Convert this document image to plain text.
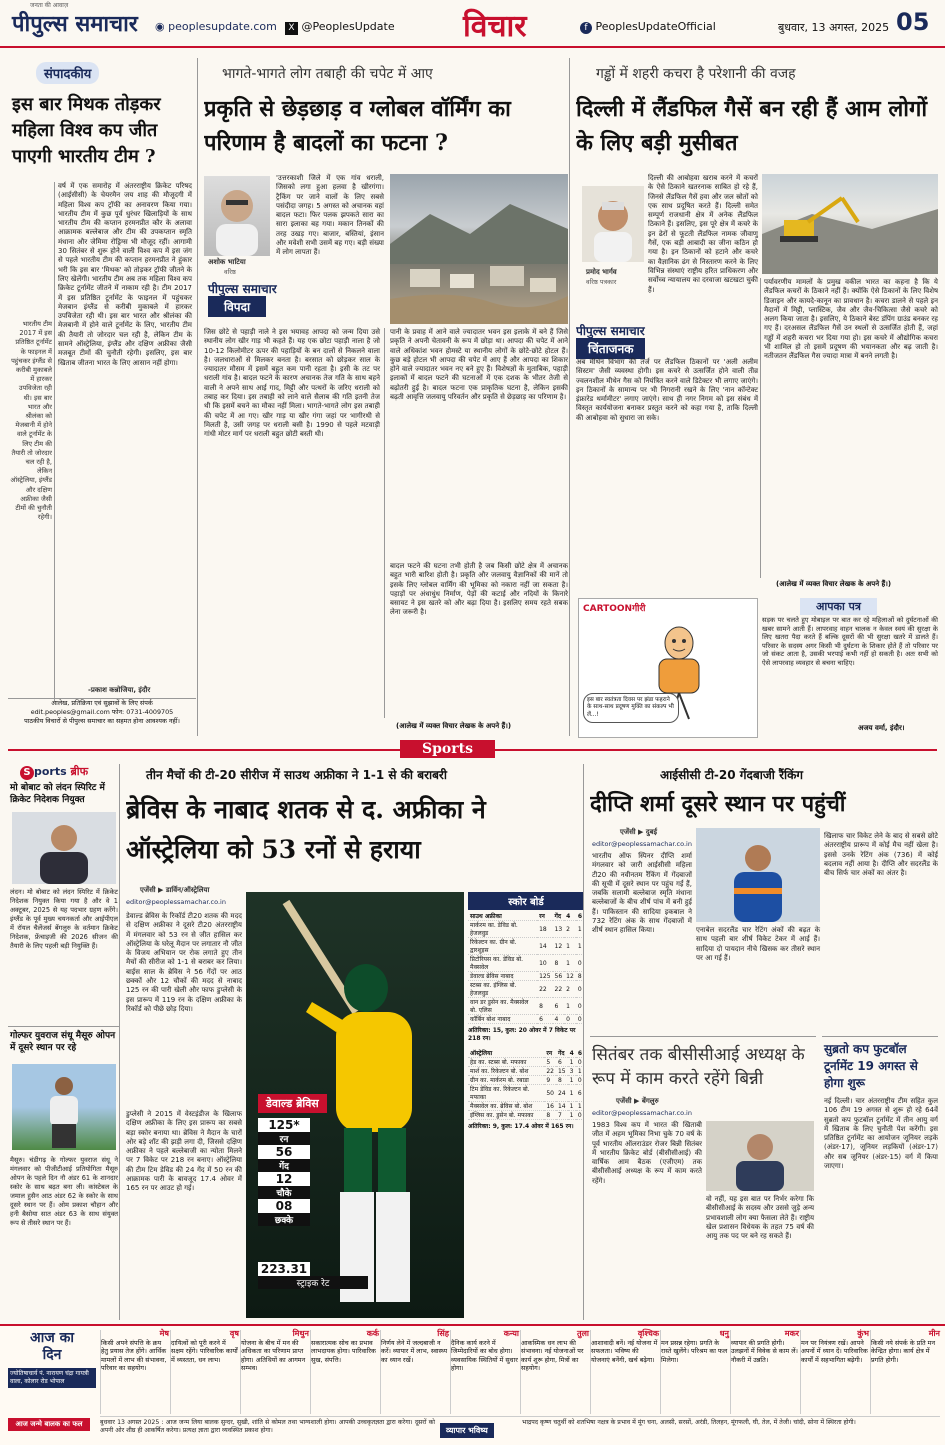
पीपुल्स समाचार
जनता की आवाज़
◉ peoplesupdate.com	X @PeoplesUpdate विचार	f PeoplesUpdateOfficial	बुधवार, 13 अगस्त, 2025 05
संपादकीय
इस बार मिथक तोड़कर महिला विश्व कप जीत पाएगी भारतीय टीम ?
भारतीय टीम 2017 में इस प्रतिष्ठित टूर्नामेंट के फाइनल में पहुंचकर इंग्लैंड से करीबी मुकाबले में हारकर उपविजेता रही थी। इस बार भारत और श्रीलंका को मेजबानी में होने वाले टूर्नामेंट के लिए टीम की तैयारी तो जोरदार चल रही है, लेकिन ऑस्ट्रेलिया, इंग्लैंड और दक्षिण अफ्रीका जैसी टीमों की चुनौती रहेगी।
वर्ष में एक समारोह में अंतरराष्ट्रीय क्रिकेट परिषद (आईसीसी) के चेयरमैन जय शाह की मौजूदगी में महिला विश्व कप ट्रॉफी का अनावरण किया गया। भारतीय टीम में कुछ पूर्व धुरंधर खिलाड़ियों के साथ भारतीय टीम की कप्तान हरमनप्रीत कौर के अलावा आक्रामक बल्लेबाज और टीम की उपकप्तान स्मृति मंधाना और जेमिमा रोड्रिग्स भी मौजूद रहीं। आगामी 30 सितंबर से शुरू होने वाली विश्व कप में इस जंग से पहले भारतीय टीम की कप्तान हरमनप्रीत ने हुंकार भरी कि इस बार 'मिथक' को तोड़कर ट्रॉफी जीतने के लिए खेलेंगी। भारतीय टीम अब तक महिला विश्व कप क्रिकेट टूर्नामेंट जीतने में नाकाम रही है। टीम 2017 में इस प्रतिष्ठित टूर्नामेंट के फाइनल में पहुंचकर मेजबान इंग्लैंड से करीबी मुकाबले में हारकर उपविजेता रही थी। इस बार भारत और श्रीलंका की मेजबानी में होने वाले टूर्नामेंट के लिए, भारतीय टीम की तैयारी तो जोरदार चल रही है, लेकिन टीम के सामने ऑस्ट्रेलिया, इंग्लैंड और दक्षिण अफ्रीका जैसी मजबूत टीमों की चुनौती रहेगी। इसलिए, इस बार खिताब जीतना भारत के लिए आसान नहीं होगा।
-प्रकाश कन्नोजिया, इंदौर
आलेख, प्रतिक्रिया एवं सुझावों के लिए संपर्क
edit.peoples@gmail.com फोन: 0731-4009705
पाठकीय विचारों से पीपुल्स समाचार का सहमत होना आवश्यक नहीं।
भागते-भागते लोग तबाही की चपेट में आए
प्रकृति से छेड़छाड़ व ग्लोबल वॉर्मिंग का परिणाम है बादलों का फटना ?
अशोक भाटिया
वरिष्ठ
पीपुल्स समाचार
विपदा
'उत्तरकाशी जिले में एक गांव धराली, जिसको लगा हुआ हलवा है खीरगंगा। ट्रैकिंग पर जाने वालों के लिए सबसे पसंदीदा जगह। 5 अगस्त को अचानक वहां बादल फटा। फिर पलक झपकते सारा का सारा इलाका बह गया। मकान तिनकों की तरह उखड़ गए। बाजार, बस्तियां, इंसान और मवेशी सभी उसमें बह गए। बड़ी संख्या में लोग लापता हैं।
जिस छोटे से पहाड़ी नाले ने इस भयावह आपदा को जन्म दिया उसे स्थानीय लोग खीर गाड़ भी कहते हैं। यह एक छोटा पहाड़ी नाला है जो 10-12 किलोमीटर ऊपर की पहाड़ियों के बन दालों से निकलने वाला है। जलधाराओं से मिलकर बनता है। बरसात को छोड़कर साल के ज्यादातर मौसम में इसमें बहुत कम पानी रहता है। इसी के तट पर धराली गांव है। बादल फटने के कारण अचानक तेज गति के साथ बहने वाली ने अपने साथ आई गाद, मिट्टी और पत्थरों के जरिए धराली को तबाह कर दिया। इस तबाही को लाने वाले सैलाब की गति इतनी तेज थी कि इसमें बचने का मौका नहीं मिला। भागते-भागते लोग इस तबाही की चपेट में आ गए। खीर गाड़ या खीर गंगा जहां पर भागीरथी से मिलती है, उसी जगह पर धराली बसी है। 1990 से पहले मटवाड़ी गांधी मोटर मार्ग पर धराली बहुत छोटी बस्ती थी।
पानी के प्रवाह में आने वाले ज्यादातर भवन इस इलाके में बने हैं जिसे प्रकृति ने अपनी चेतावनी के रूप में छोड़ा था। आपदा की चपेट में आने वाले अधिकांश भवन होमस्टे या स्थानीय लोगों के छोटे-छोटे होटल हैं। कुछ बड़े होटल भी आपदा की चपेट में आए हैं और आपदा का शिकार होने वाले ज्यादातर भवन नए बने हुए हैं। विशेषज्ञों के मुताबिक, पहाड़ी इलाकों में बादल फटने की घटनाओं में एक दशक के भीतर तेजी से बढ़ोतरी हुई है। बादल फटना एक प्राकृतिक घटना है, लेकिन इसकी बढ़ती आवृत्ति जलवायु परिवर्तन और प्रकृति से छेड़छाड़ का परिणाम है।
बादल फटने की घटना तभी होती है जब किसी छोटे क्षेत्र में अचानक बहुत भारी बारिश होती है। प्रकृति और जलवायु वैज्ञानिकों की मानें तो इसके लिए ग्लोबल वार्मिंग की भूमिका को नकारा नहीं जा सकता है। पहाड़ों पर अंधाधुंध निर्माण, पेड़ों की कटाई और नदियों के किनारे बसावट ने इस खतरे को और बढ़ा दिया है। इसलिए समय रहते सबक लेना जरूरी है।
(आलेख में व्यक्त विचार लेखक के अपने हैं।)
गड्ढों में शहरी कचरा है परेशानी की वजह
दिल्ली में लैंडफिल गैसें बन रही हैं आम लोगों के लिए बड़ी मुसीबत
प्रमोद भार्गव
वरिष्ठ पत्रकार
पीपुल्स समाचार
चिंताजनक
दिल्ली की आबोहवा खराब करने में कचरों के ऐसे ठिकाने खतरनाक साबित हो रहे हैं, जिनसे लैंडफिल गैसें हवा और जल स्रोतों को एक साथ प्रदूषित करते हैं। दिल्ली समेत सम्पूर्ण राजधानी क्षेत्र में अनेक लैंडफिल ठिकाने हैं। इसलिए, इस पूरे क्षेत्र में कचरे के इन ढेरों से फूटती लैंडफिल नामक जीवाणु गैसें, एक बड़ी आबादी का जीना कठिन हो गया है। इन ठिकानों को हटाने और कचरे का वैज्ञानिक ढंग से निस्तारण करने के लिए विभिन्न संस्थाएं राष्ट्रीय हरित प्राधिकरण और सर्वोच्च न्यायालय का दरवाजा खटखटा चुकी हैं।
अब मीथेन विभाग की तर्ज पर लैंडफिल ठिकानों पर 'अली अलीम सिस्टम' जैसी व्यवस्था होगी। इस कचरे से उत्सर्जित होने वाली तीव्र ज्वलनशील मीथेन गैस को नियंत्रित करने वाले डिटेक्टर भी लगाए जाएंगे। इन ठिकानों के सामान्य पर भी निगरानी रखने के लिए 'नान कॉन्टेक्ट इंफ्रारेड थर्मामीटर' लगाए जाएंगे। साथ ही नगर निगम को इस संबंध में विस्तृत कार्ययोजना बनाकर प्रस्तुत करने को कहा गया है, ताकि दिल्ली की आबोहवा को सुधारा जा सके।
पर्यावरणीय मामलों के प्रमुख वकील भारत का कहना है कि ये लैंडफिल कचरों के ठिकाने नहीं हैं। क्योंकि ऐसे ठिकानों के लिए विशेष डिजाइन और कायदे-कानून का प्रावधान है। कचरा डालने से पहले इन मैदानों में मिट्टी, प्लास्टिक, जैव और जैव-चिकित्सा जैसे कचरे को अलग किया जाता है। इसलिए, ये ठिकाने बेस्ट डंपिंग ग्राउंड बनकर रह गए हैं। दरअसल लैंडफिल गैसें उन स्थलों से उत्सर्जित होती हैं, जहां गड्ढों में शहरी कचरा भर दिया गया हो। इस कचरे में औद्योगिक कचरा भी शामिल हो तो इसमें प्रदूषण की भयानकता और बढ़ जाती है। नतीजतन लैंडफिल गैस ज्यादा मात्रा में बनने लगती है।
(आलेख में व्यक्त विचार लेखक के अपने हैं।)
CARTOONगीरी
इस बार स्वतंत्रता दिवस पर झंडा फहराने के साथ-साथ प्रदूषण मुक्ति का संकल्प भी लें...!
आपका पत्र
सड़क पर चलते हुए मोबाइल पर बात कर रहे महिलाओं को दुर्घटनाओं की खबर सामने आती हैं। लापरवाह वाहन चालक न केवल स्वयं की सुरक्षा के लिए खतरा पैदा करते हैं बल्कि दूसरों की भी सुरक्षा खतरे में डालते हैं। परिवार के सदस्य अगर किसी भी दुर्घटना के शिकार होते हैं तो परिवार पर जो संकट आता है, उसकी भरपाई कभी नहीं हो सकती है। अतः सभी को ऐसे लापरवाह व्यवहार से बचना चाहिए।
अजय वर्मा, इंदौर।
Sports
S ports ब्रीफ
मो बोबाट को लंदन स्पिरिट में क्रिकेट निदेशक नियुक्त
लंदन। मो बोबाट को लंदन स्पिरिट में क्रिकेट निदेशक नियुक्त किया गया है और वे 1 अक्टूबर, 2025 से यह पदभार ग्रहण करेंगे। इंग्लैंड के पूर्व मुख्य चयनकर्ता और आईपीएल में रॉयल चैलेंजर्स बेंगलुरु के वर्तमान क्रिकेट निदेशक, फ्रेंचाइजी की 2026 सीजन की तैयारी के लिए पहली बड़ी नियुक्ति हैं।
गोल्फर युवराज संधू मैसूरु ओपन में दूसरे स्थान पर रहे
मैसूरु। चंडीगढ़ के गोल्फर युवराज संधू ने मंगलवार को पीजीटीआई प्रतियोगिता मैसूरु ओपन के पहले दिन नौ अंडर 61 के शानदार स्कोर के साथ बढ़त बना ली। कांस्टेबल के जमाल हुसैन आठ अंडर 62 के स्कोर के साथ दूसरे स्थान पर हैं। ओम प्रकाश चौहान और हनी बैसोया सात अंडर 63 के साथ संयुक्त रूप से तीसरे स्थान पर हैं।
तीन मैचों की टी-20 सीरीज में साउथ अफ्रीका ने 1-1 से की बराबरी
ब्रेविस के नाबाद शतक से द. अफ्रीका ने ऑस्ट्रेलिया को 53 रनों से हराया
एजेंसी ▶ डार्विन/ऑस्ट्रेलिया
editor@peoplessamachar.co.in
डेवाल्ड ब्रेविस के रिकॉर्ड टी20 शतक की मदद से दक्षिण अफ्रीका ने दूसरे टी20 अंतरराष्ट्रीय में मंगलवार को 53 रन से जीत हासिल कर ऑस्ट्रेलिया के घरेलू मैदान पर लगातार नौ जीत के विजय अभियान पर रोक लगाते हुए तीन मैचों की सीरीज को 1-1 से बराबर कर लिया। बाईस साल के ब्रेविस ने 56 गेंदों पर आठ छक्कों और 12 चौकों की मदद से नाबाद 125 रन की पारी खेली और फाफ डुप्लेसी के इस प्रारूप में 119 रन के दक्षिण अफ्रीका के रिकॉर्ड को पीछे छोड़ दिया।
डुप्लेसी ने 2015 में वेस्टइंडीज के खिलाफ दक्षिण अफ्रीका के लिए इस प्रारूप का सबसे बड़ा स्कोर बनाया था। ब्रेविस ने मैदान के चारों ओर बड़े शॉट की झड़ी लगा दी, जिससे दक्षिण अफ्रीका ने पहले बल्लेबाजी का न्योता मिलने पर 7 विकेट पर 218 रन बनाए। ऑस्ट्रेलिया की टीम टिम डेविड की 24 गेंद में 50 रन की आक्रामक पारी के बावजूद 17.4 ओवर में 165 रन पर आउट हो गई।
डेवाल्ड ब्रेविस
125*
रन
56
गेंद
12
चौके
08
छक्के
223.31
स्ट्राइक रेट
स्कोर बोर्ड
साउथ अफ्रीका	रन	गेंद	4	6
मार्करम का. डेविड बो. हेजलवुड	18	13	2	1
रिकेल्टन का. ग्रीन बो. द्वारशुइस	14	12	1	1
प्रिटोरियस का. डेविड बो. मैक्सवेल	10	8	1	0
डेवाल्ड ब्रेविस नाबाद	125	56	12	8
स्टब्स का. इंग्लिस बो. हेजलवुड	22	22	2	0
वान डर डुसेन का. मैक्सवेल बो. एलिस	8	6	1	0
कॉर्बिन बोश नाबाद	6	4	0	0
अतिरिक्त: 15, कुल: 20 ओवर में 7 विकेट पर 218 रन।
ऑस्ट्रेलिया	रन	गेंद	4	6
हेड का. स्टब्स बो. मफाका	5	6	1	0
मार्श का. रिकेल्टन बो. बोश	22	15	3	1
ग्रीन का. मार्करम बो. रबाडा	9	8	1	0
टिम डेविड का. रिकेल्टन बो. मफाका	50	24	1	6
मैक्सवेल का. ब्रेविस बो. बोश	16	14	1	1
इंग्लिस का. डुसेन बो. मफाका	8	7	1	0
अतिरिक्त: 9, कुल: 17.4 ओवर में 165 रन।
आईसीसी टी-20 गेंदबाजी रैंकिंग
दीप्ति शर्मा दूसरे स्थान पर पहुंचीं
एजेंसी ▶ दुबई
editor@peoplessamachar.co.in
भारतीय ऑफ स्पिनर दीप्ति शर्मा मंगलवार को जारी आईसीसी महिला टी20 की नवीनतम रैंकिंग में गेंदबाजों की सूची में दूसरे स्थान पर पहुंच गईं हैं, जबकि सलामी बल्लेबाज स्मृति मंधाना बल्लेबाजों के बीच शीर्ष पांच में बनी हुई हैं। पाकिस्तान की सादिया इकबाल ने 732 रेटिंग अंक के साथ गेंदबाजों में शीर्ष स्थान हासिल किया।	एनाबेल सदरलैंड चार रेटिंग अंकों की बढ़त के साथ पहली बार शीर्ष विकेट टेकर में आई हैं। सादिया दो पायदान नीचे खिसक कर तीसरे स्थान पर आ गई हैं।
खिलाफ चार विकेट लेने के बाद से सबसे छोटे अंतरराष्ट्रीय प्रारूप में कोई मैच नहीं खेला है। इससे उनके रेटिंग अंक (736) में कोई बदलाव नहीं आया है। दीप्ति और सदरलैंड के बीच सिर्फ चार अंकों का अंतर है।
सितंबर तक बीसीसीआई अध्यक्ष के रूप में काम करते रहेंगे बिन्नी
एजेंसी ▶ बेंगलुरु
editor@peoplessamachar.co.in
1983 विश्व कप में भारत की खिताबी जीत में अहम भूमिका निभा चुके 70 वर्ष के पूर्व भारतीय ऑलराउंडर रोजर बिन्नी सितंबर में भारतीय क्रिकेट बोर्ड (बीसीसीआई) की वार्षिक आम बैठक (एजीएम) तक बीसीसीआई अध्यक्ष के रूप में काम करते रहेंगे।
वो नहीं, यह इस बात पर निर्भर करेगा कि बीसीसीआई के सदस्य और उससे जुड़े अन्य प्रभावशाली लोग क्या फैसला लेते हैं। राष्ट्रीय खेल प्रशासन विधेयक के तहत 75 वर्ष की आयु तक पद पर बने रह सकते हैं।
सुब्रतो कप फुटबॉल टूर्नामेंट 19 अगस्त से होगा शुरू
नई दिल्ली। चार अंतरराष्ट्रीय टीम सहित कुल 106 टीम 19 अगस्त से शुरू हो रहे 64वें सुब्रतो कप फुटबॉल टूर्नामेंट में तीन आयु वर्ग में खिताब के लिए चुनौती पेश करेंगी। इस प्रतिष्ठित टूर्नामेंट का आयोजन जूनियर लड़के (अंडर-17), जूनियर लड़कियों (अंडर-17) और सब जूनियर (अंडर-15) वर्ग में किया जाएगा।
आज का दिन
ज्योतिषाचार्य पं. नारायण चंद्रा गायत्री वाला, कोलार रोड भोपाल
आज जन्मे बालक का फल
मेष
किसी अपने संपत्ति के क्रय हेतु प्रयास तेज होंगे। आर्थिक मामलों में लाभ की संभावना, परिवार का सहयोग।
वृष
दायित्वों को पूरी करने में सक्षम रहेंगे। पारिवारिक कार्यों में व्यस्तता, धन लाभ।
मिथुन
योजना के बीच में मन की अधिकता का परिणाम प्राप्त होगा। अतिथियों का आगमन सम्भव।
कर्क
सकारात्मक सोच का प्रभाव लाभदायक होगा। पारिवारिक सुख, संपत्ति।
सिंह
निर्णय लेने में जल्दबाजी न करें। व्यापार में लाभ, स्वास्थ्य का ध्यान रखें।
कन्या
दैनिक कार्य करने में जिम्मेदारियों का बोध होगा। व्यवसायिक स्थितियों में सुधार होगा।
तुला
आकस्मिक धन लाभ की संभावना। नई योजनाओं पर कार्य शुरू होगा, मित्रों का सहयोग।
वृश्चिक
आशावादी बनें। नई योजना में सफलता। भविष्य की योजनाएं बनेंगी, खर्च बढ़ेगा।
धनु
मन प्रसन्न रहेगा। प्रगति के रास्ते खुलेंगे। परिश्रम का फल मिलेगा।
मकर
व्यापार की प्रगति होगी। उलझनों में विवेक से काम लें। नौकरी में उन्नति।
कुंभ
मन पर नियंत्रण रखें। आपने अपनों में ध्यान दें। पारिवारिक कार्यों में सहभागिता बढ़ेगी।
मीन
किसी नये संपर्क के प्रति मन केन्द्रित होगा। कार्य क्षेत्र में प्रगति होगी।
बुधवार 13 अगस्त 2025 : आज जन्म लिया बालक सुन्दर, सुखी, शांति से कोमल तथा भाग्यशाली होगा। आपकी उच्चकृतज्ञता द्वारा करेगा। दूसरों को अपनी ओर शीघ्र ही आकर्षित करेगा। प्रत्यक्ष ज्ञाता द्वारा व्यवस्थित प्रकाश होगा।	व्यापार भविष्य
भाद्रपद कृष्ण चतुर्थी को शतभिषा नक्षत्र के प्रभाव में मूंग चना, अलसी, सरसों, अरंडी, तिलहन, मूंगफली, घी, तेल, में तेजी। चांदी, सोना में स्थिरता होगी।
